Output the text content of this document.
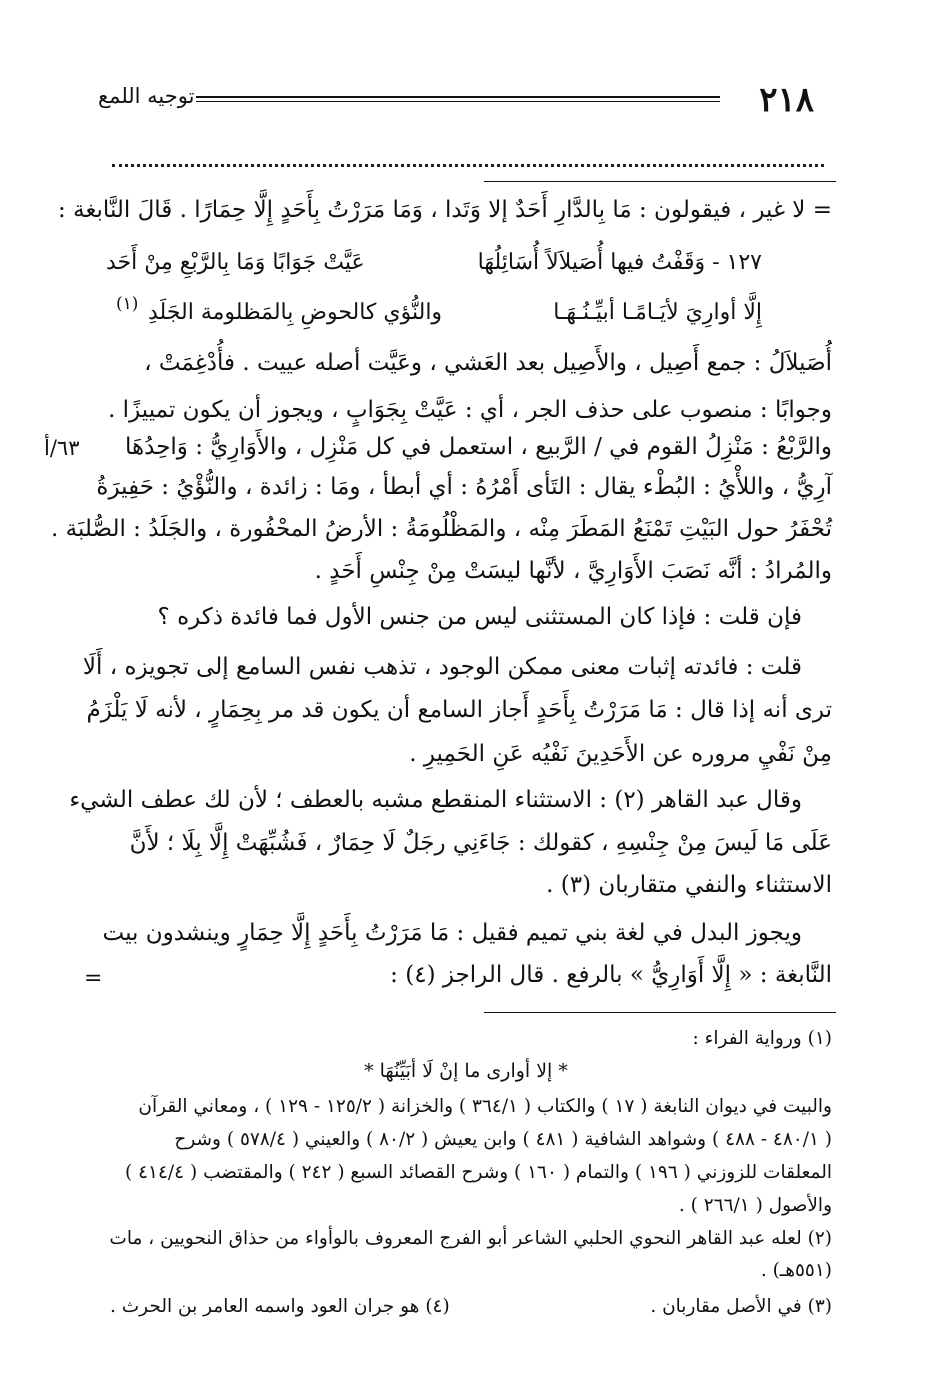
٢١٨
توجيه اللمع
= لا غير ، فيقولون : مَا بِالدَّارِ أَحَدٌ إلا وَتَدا ، وَمَا مَرَرْتُ بِأَحَدٍ إِلَّا حِمَارًا . قَالَ النَّابغة :
١٢٧ - وَقَفْتُ فيها أُصَيلاَلاً أُسَائِلُهَا
عَيَّتْ جَوَابًا وَمَا بِالرَّبْعِ مِنْ أَحَد
إِلَّا أوارِيَ لأيَـامًـا أبيِّـنُـهَـا
والنُّؤي كالحوضِ بِالمَظلومة الجَلَدِ
(١)
أُصَيلاَلُ : جمع أَصِيل ، والأَصِيل بعد العَشي ، وعَيَّت أصله عييت . فأُدْغِمَتْ ،
وجوابًا : منصوب على حذف الجر ، أي : عَيَّتْ بِجَوَابٍ ، ويجوز أن يكون تمييزًا .
والرَّبْعُ : مَنْزِلُ القوم في / الرَّبيع ، استعمل في كل مَنْزِل ، والأَوَارِيُّ : وَاحِدُهَا
٦٣/أ
آرِيُّ ، واللأْيُ : البُطْء يقال : التَأى أَمْرُهُ : أي أبطأ ، ومَا : زائدة ، والنُّؤْيُ : حَفِيرَةُ
تُحْفَرُ حول البَيْتِ تَمْنَعُ المَطَرَ مِنْه ، والمَظْلُومَةُ : الأرضُ المحْفُورة ، والجَلَدُ : الصُّلبَة .
والمُرادُ : أنَّه نَصَبَ الأَوَارِيَّ ، لأنَّها ليسَتْ مِنْ جِنْسِ أَحَدٍ .
فإن قلت : فإذا كان المستثنى ليس من جنس الأول فما فائدة ذكره ؟
قلت : فائدته إثبات معنى ممكن الوجود ، تذهب نفس السامع إلى تجويزه ، أَلَا
ترى أنه إذا قال : مَا مَرَرْتُ بِأَحَدٍ أَجاز السامع أن يكون قد مر بِحِمَارٍ ، لأنه لَا يَلْزَمُ
مِنْ نَفْيِ مروره عن الأَحَدِينَ نَفْيُه عَنِ الحَمِيرِ .
وقال عبد القاهر (٢) : الاستثناء المنقطع مشبه بالعطف ؛ لأن لك عطف الشيء
عَلَى مَا لَيسَ مِنْ جِنْسِهِ ، كقولك : جَاءَنِي رجَلٌ لَا حِمَارٌ ، فَشُبِّهَتْ إِلَّا بِلَا ؛ لأَنَّ
الاستثناء والنفي متقاربان (٣) .
ويجوز البدل في لغة بني تميم فقيل : مَا مَرَرْتُ بِأَحَدٍ إِلَّا حِمَارٍ وينشدون بيت
النَّابغة : « إِلَّا أَوَارِيُّ » بالرفع . قال الراجز (٤) :
=
(١) ورواية الفراء :
* إلا أوارى ما إنْ لَا أبَيِّنُهَا *
والبيت في ديوان النابغة ( ١٧ ) والكتاب ( ٣٦٤/١ ) والخزانة ( ١٢٥/٢ - ١٢٩ ) ، ومعاني القرآن
( ٤٨٠/١ - ٤٨٨ ) وشواهد الشافية ( ٤٨١ ) وابن يعيش ( ٨٠/٢ ) والعيني ( ٥٧٨/٤ ) وشرح
المعلقات للزوزني ( ١٩٦ ) والتمام ( ١٦٠ ) وشرح القصائد السبع ( ٢٤٢ ) والمقتضب ( ٤١٤/٤ )
والأصول ( ٢٦٦/١ ) .
(٢) لعله عبد القاهر النحوي الحلبي الشاعر أبو الفرج المعروف بالوأواء من حذاق النحويين ، مات
(٥٥١هـ) .
(٣) في الأصل مقاربان .
(٤) هو جران العود واسمه العامر بن الحرث .
